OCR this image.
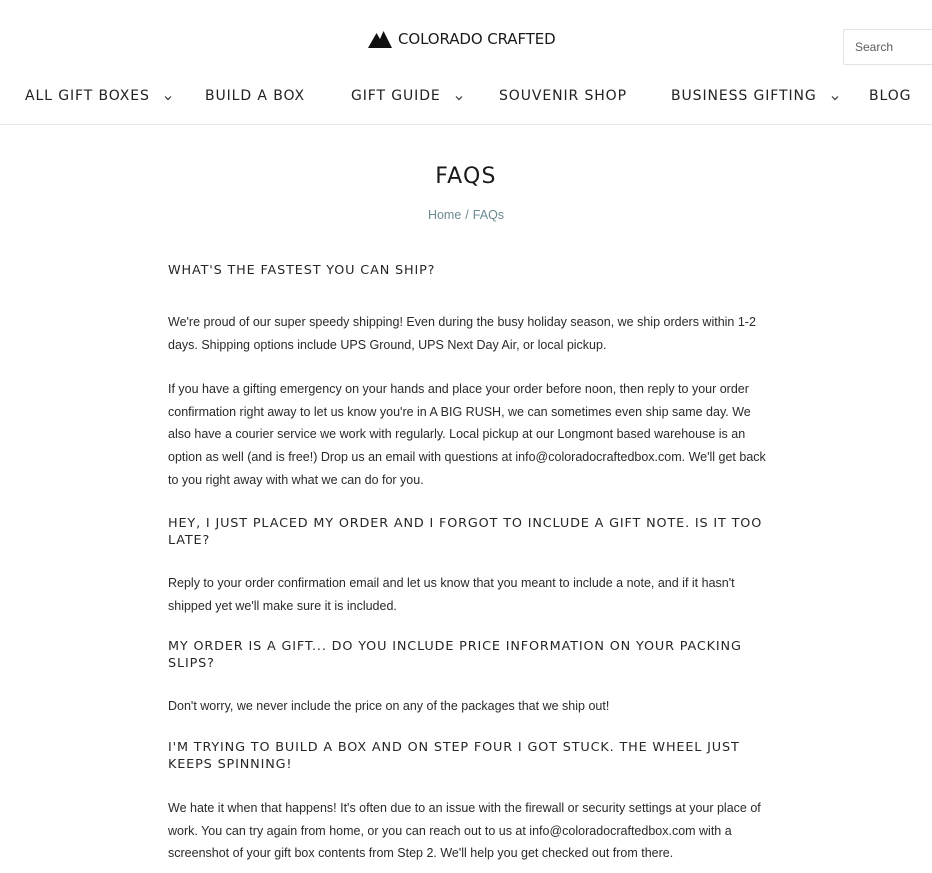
COLORADO CRAFTED
Search
ALL GIFT BOXES	BUILD A BOX	GIFT GUIDE	SOUVENIR SHOP	BUSINESS GIFTING	BLOG
FAQS
Home / FAQs
WHAT'S THE FASTEST YOU CAN SHIP?

We're proud of our super speedy shipping! Even during the busy holiday season, we ship orders within 1-2 days. Shipping options include UPS Ground, UPS Next Day Air, or local pickup.

If you have a gifting emergency on your hands and place your order before noon, then reply to your order confirmation right away to let us know you're in A BIG RUSH, we can sometimes even ship same day. We also have a courier service we work with regularly. Local pickup at our Longmont based warehouse is an option as well (and is free!) Drop us an email with questions at info@coloradocraftedbox.com. We'll get back to you right away with what we can do for you.

HEY, I JUST PLACED MY ORDER AND I FORGOT TO INCLUDE A GIFT NOTE. IS IT TOO LATE?

Reply to your order confirmation email and let us know that you meant to include a note, and if it hasn't shipped yet we'll make sure it is included.

MY ORDER IS A GIFT... DO YOU INCLUDE PRICE INFORMATION ON YOUR PACKING SLIPS?

Don't worry, we never include the price on any of the packages that we ship out!

I'M TRYING TO BUILD A BOX AND ON STEP FOUR I GOT STUCK. THE WHEEL JUST KEEPS SPINNING!

We hate it when that happens! It's often due to an issue with the firewall or security settings at your place of work. You can try again from home, or you can reach out to us at info@coloradocraftedbox.com with a screenshot of your gift box contents from Step 2. We'll help you get checked out from there.
